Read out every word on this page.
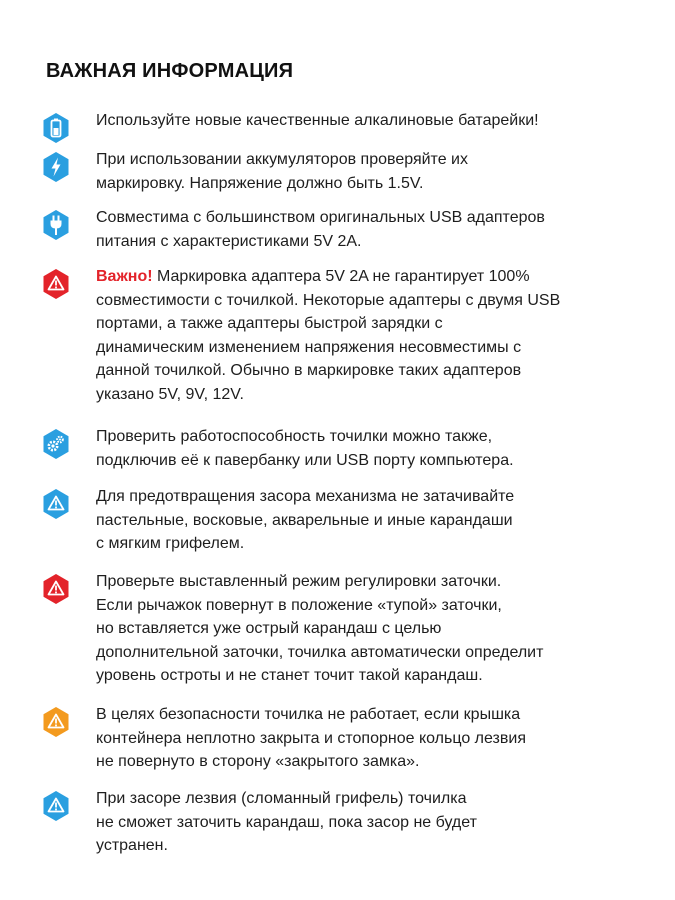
ВАЖНАЯ ИНФОРМАЦИЯ
Используйте новые качественные алкалиновые батарейки!
При использовании аккумуляторов проверяйте их
маркировку. Напряжение должно быть 1.5V.
Совместима с большинством оригинальных USB адаптеров
питания с характеристиками 5V 2A.
Важно! Маркировка адаптера 5V 2A не гарантирует 100%
совместимости с точилкой. Некоторые адаптеры с двумя USB
портами, а также адаптеры быстрой зарядки с
динамическим изменением напряжения несовместимы с
данной точилкой. Обычно в маркировке таких адаптеров
указано 5V, 9V, 12V.
Проверить работоспособность точилки можно также,
подключив её к павербанку или USB порту компьютера.
Для предотвращения засора механизма не затачивайте
пастельные, восковые, акварельные и иные карандаши
с мягким грифелем.
Проверьте выставленный режим регулировки заточки.
Если рычажок повернут в положение «тупой» заточки,
но вставляется уже острый карандаш с целью
дополнительной заточки, точилка автоматически определит
уровень остроты и не станет точит такой карандаш.
В целях безопасности точилка не работает, если крышка
контейнера неплотно закрыта и стопорное кольцо лезвия
не повернуто в сторону «закрытого замка».
При засоре лезвия (сломанный грифель) точилка
не сможет заточить карандаш, пока засор не будет
устранен.
